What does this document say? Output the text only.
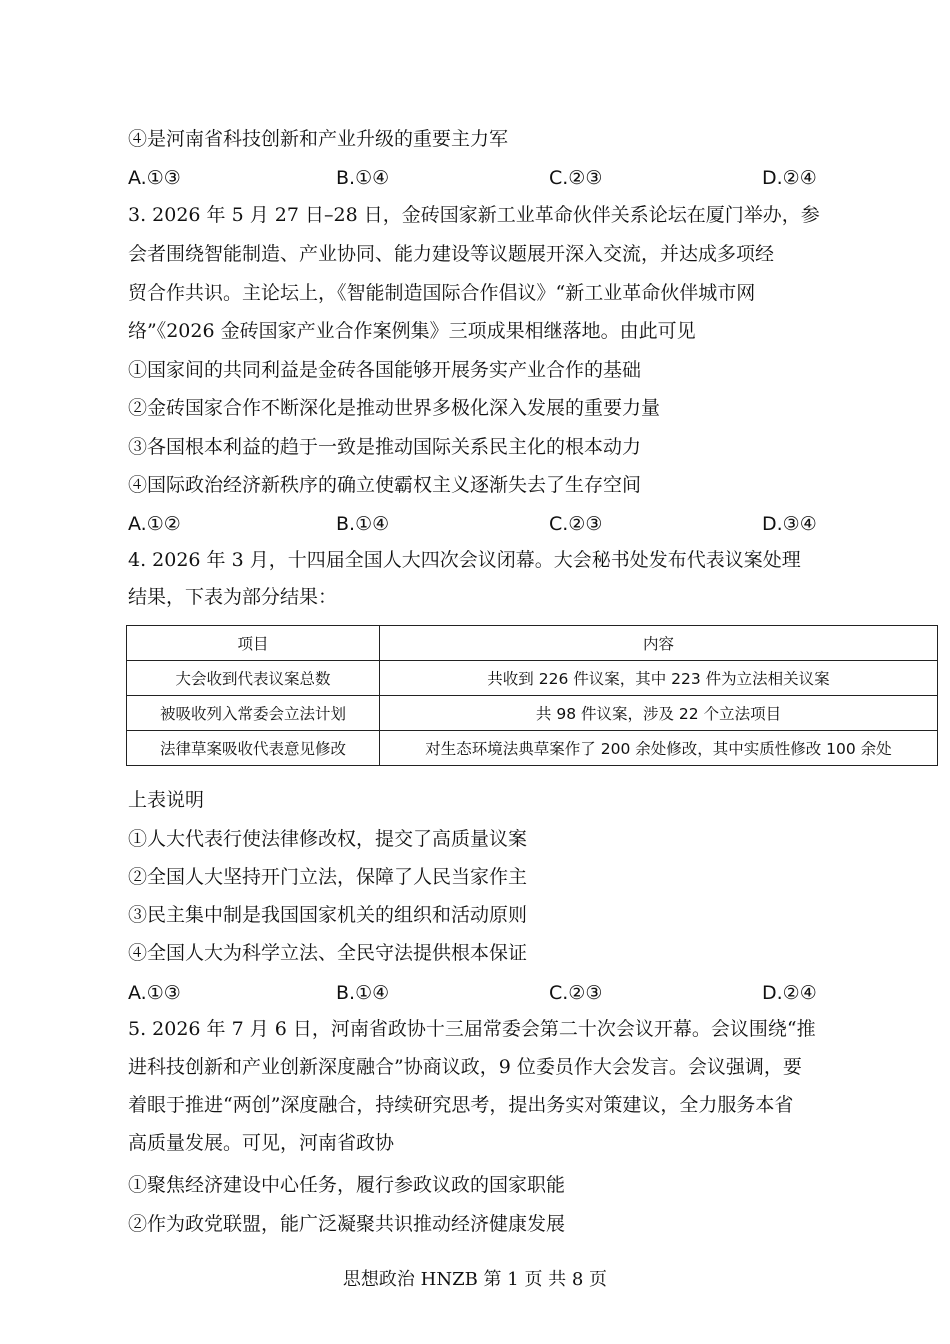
④是河南省科技创新和产业升级的重要主力军
A.①③	B.①④	C.②③	D.②④
3. 2026 年 5 月 27 日–28 日，金砖国家新工业革命伙伴关系论坛在厦门举办，参
会者围绕智能制造、产业协同、能力建设等议题展开深入交流，并达成多项经
贸合作共识。主论坛上，《智能制造国际合作倡议》“新工业革命伙伴城市网
络”《2026 金砖国家产业合作案例集》三项成果相继落地。由此可见
①国家间的共同利益是金砖各国能够开展务实产业合作的基础
②金砖国家合作不断深化是推动世界多极化深入发展的重要力量
③各国根本利益的趋于一致是推动国际关系民主化的根本动力
④国际政治经济新秩序的确立使霸权主义逐渐失去了生存空间
A.①②	B.①④	C.②③	D.③④
4. 2026 年 3 月，十四届全国人大四次会议闭幕。大会秘书处发布代表议案处理
结果，下表为部分结果：
项目	内容
大会收到代表议案总数	共收到 226 件议案，其中 223 件为立法相关议案
被吸收列入常委会立法计划	共 98 件议案，涉及 22 个立法项目
法律草案吸收代表意见修改	对生态环境法典草案作了 200 余处修改，其中实质性修改 100 余处
上表说明
①人大代表行使法律修改权，提交了高质量议案
②全国人大坚持开门立法，保障了人民当家作主
③民主集中制是我国国家机关的组织和活动原则
④全国人大为科学立法、全民守法提供根本保证
A.①③	B.①④	C.②③	D.②④
5. 2026 年 7 月 6 日，河南省政协十三届常委会第二十次会议开幕。会议围绕“推
进科技创新和产业创新深度融合”协商议政，9 位委员作大会发言。会议强调，要
着眼于推进“两创”深度融合，持续研究思考，提出务实对策建议，全力服务本省
高质量发展。可见，河南省政协
①聚焦经济建设中心任务，履行参政议政的国家职能
②作为政党联盟，能广泛凝聚共识推动经济健康发展
思想政治 HNZB 第 1 页 共 8 页
